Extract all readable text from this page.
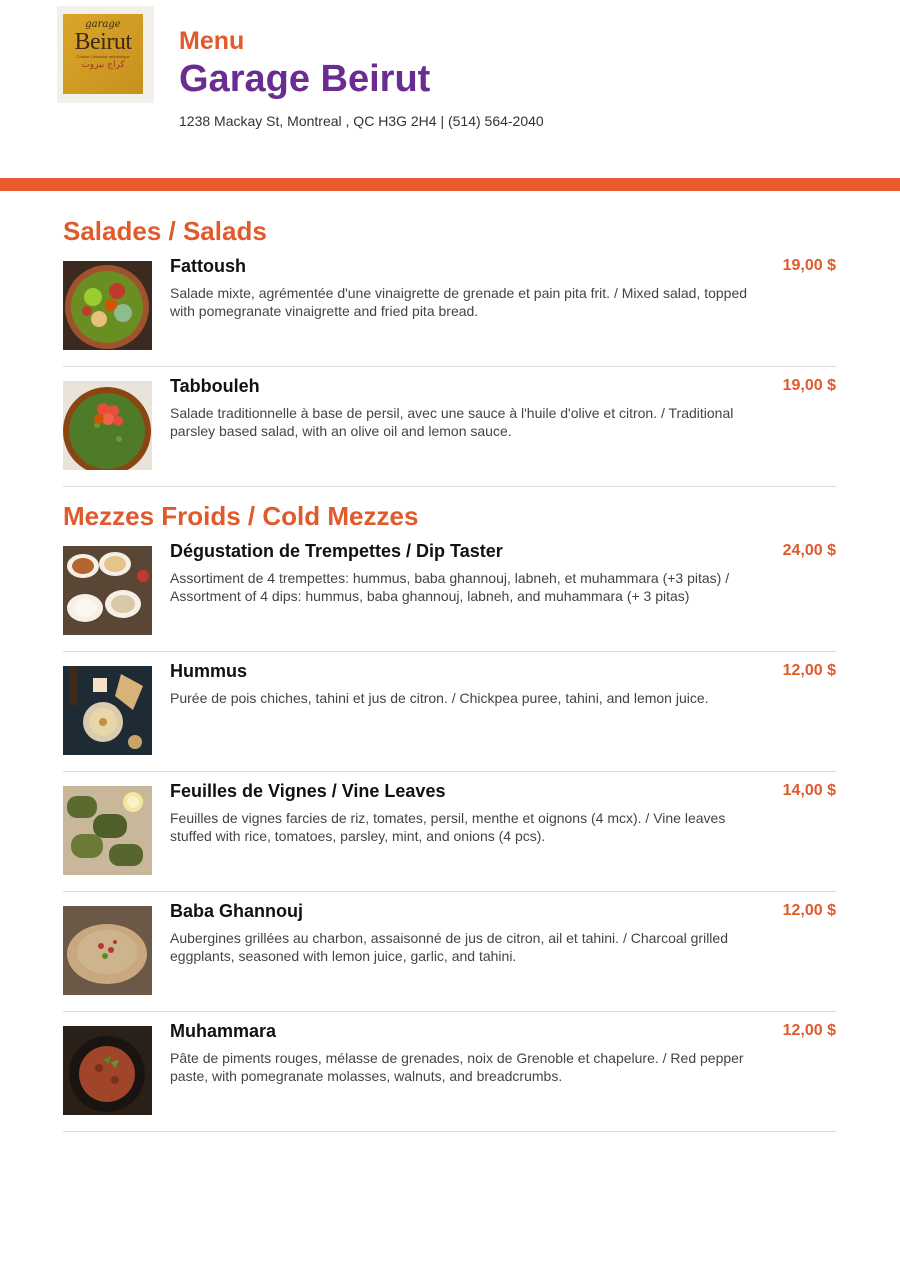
garage
Beirut
Cuisine Libanaise authentique
كراج بيروت
Menu
Garage Beirut
1238 Mackay St, Montreal , QC H3G 2H4 | (514) 564-2040
Salades / Salads
Fattoush
Salade mixte, agrémentée d'une vinaigrette de grenade et pain pita frit. / Mixed salad, topped with pomegranate vinaigrette and fried pita bread.
19,00 $
Tabbouleh
Salade traditionnelle à base de persil, avec une sauce à l'huile d'olive et citron. / Traditional parsley based salad, with an olive oil and lemon sauce.
19,00 $
Mezzes Froids / Cold Mezzes
Dégustation de Trempettes / Dip Taster
Assortiment de 4 trempettes: hummus, baba ghannouj, labneh, et muhammara (+3 pitas) / Assortment of 4 dips: hummus, baba ghannouj, labneh, and muhammara (+ 3 pitas)
24,00 $
Hummus
Purée de pois chiches, tahini et jus de citron. / Chickpea puree, tahini, and lemon juice.
12,00 $
Feuilles de Vignes / Vine Leaves
Feuilles de vignes farcies de riz, tomates, persil, menthe et oignons (4 mcx). / Vine leaves stuffed with rice, tomatoes, parsley, mint, and onions (4 pcs).
14,00 $
Baba Ghannouj
Aubergines grillées au charbon, assaisonné de jus de citron, ail et tahini. / Charcoal grilled eggplants, seasoned with lemon juice, garlic, and tahini.
12,00 $
Muhammara
Pâte de piments rouges, mélasse de grenades, noix de Grenoble et chapelure. / Red pepper paste, with pomegranate molasses, walnuts, and breadcrumbs.
12,00 $
